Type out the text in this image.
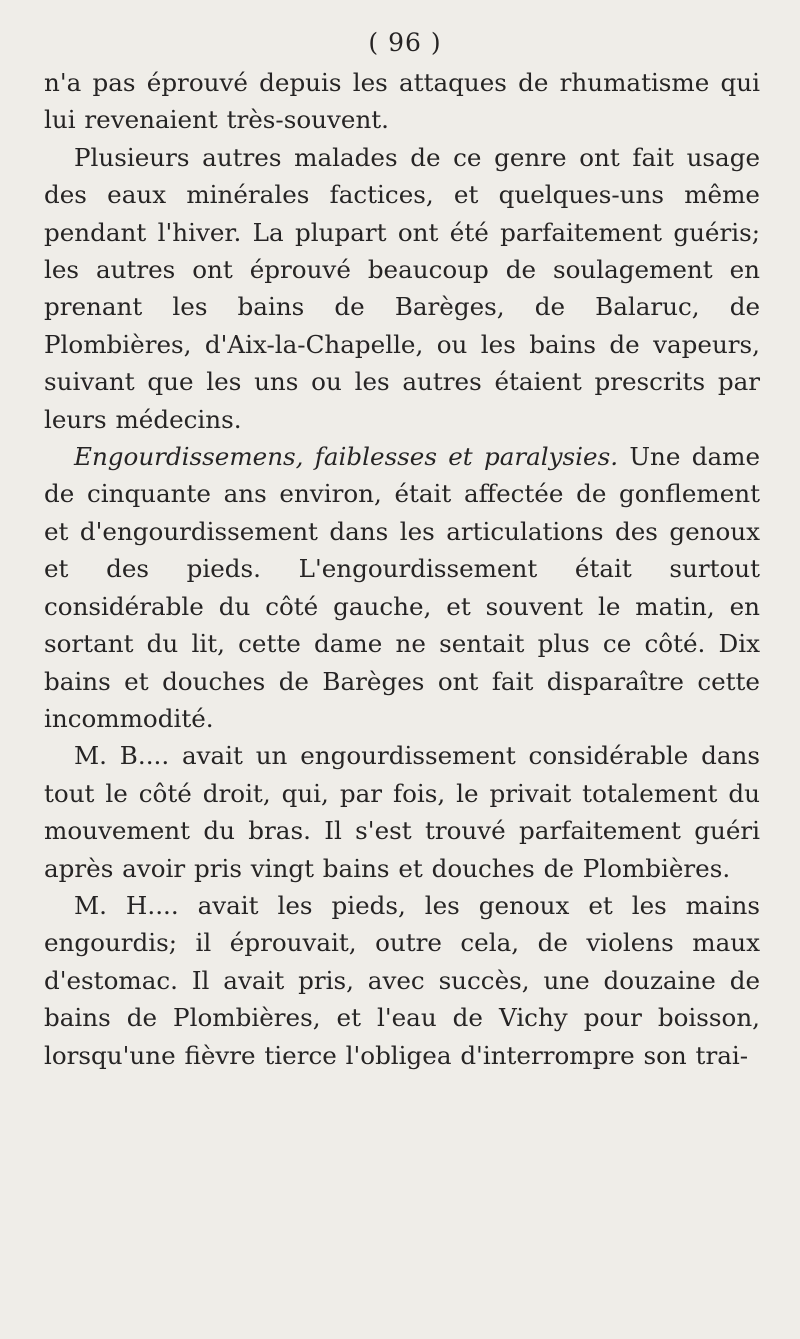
( 96 )

n'a pas éprouvé depuis les attaques de rhumatisme qui lui revenaient très-souvent.

Plusieurs autres malades de ce genre ont fait usage des eaux minérales factices, et quelques-uns même pendant l'hiver. La plupart ont été parfaitement guéris; les autres ont éprouvé beaucoup de soulagement en prenant les bains de Barèges, de Balaruc, de Plombières, d'Aix-la-Chapelle, ou les bains de vapeurs, suivant que les uns ou les autres étaient prescrits par leurs médecins.

Engourdissemens, faiblesses et paralysies. Une dame de cinquante ans environ, était affectée de gonflement et d'engourdissement dans les articulations des genoux et des pieds. L'engourdissement était surtout considérable du côté gauche, et souvent le matin, en sortant du lit, cette dame ne sentait plus ce côté. Dix bains et douches de Barèges ont fait disparaître cette incommodité.

M. B.... avait un engourdissement considérable dans tout le côté droit, qui, par fois, le privait totalement du mouvement du bras. Il s'est trouvé parfaitement guéri après avoir pris vingt bains et douches de Plombières.

M. H.... avait les pieds, les genoux et les mains engourdis; il éprouvait, outre cela, de violens maux d'estomac. Il avait pris, avec succès, une douzaine de bains de Plombières, et l'eau de Vichy pour boisson, lorsqu'une fièvre tierce l'obligea d'interrompre son trai-
